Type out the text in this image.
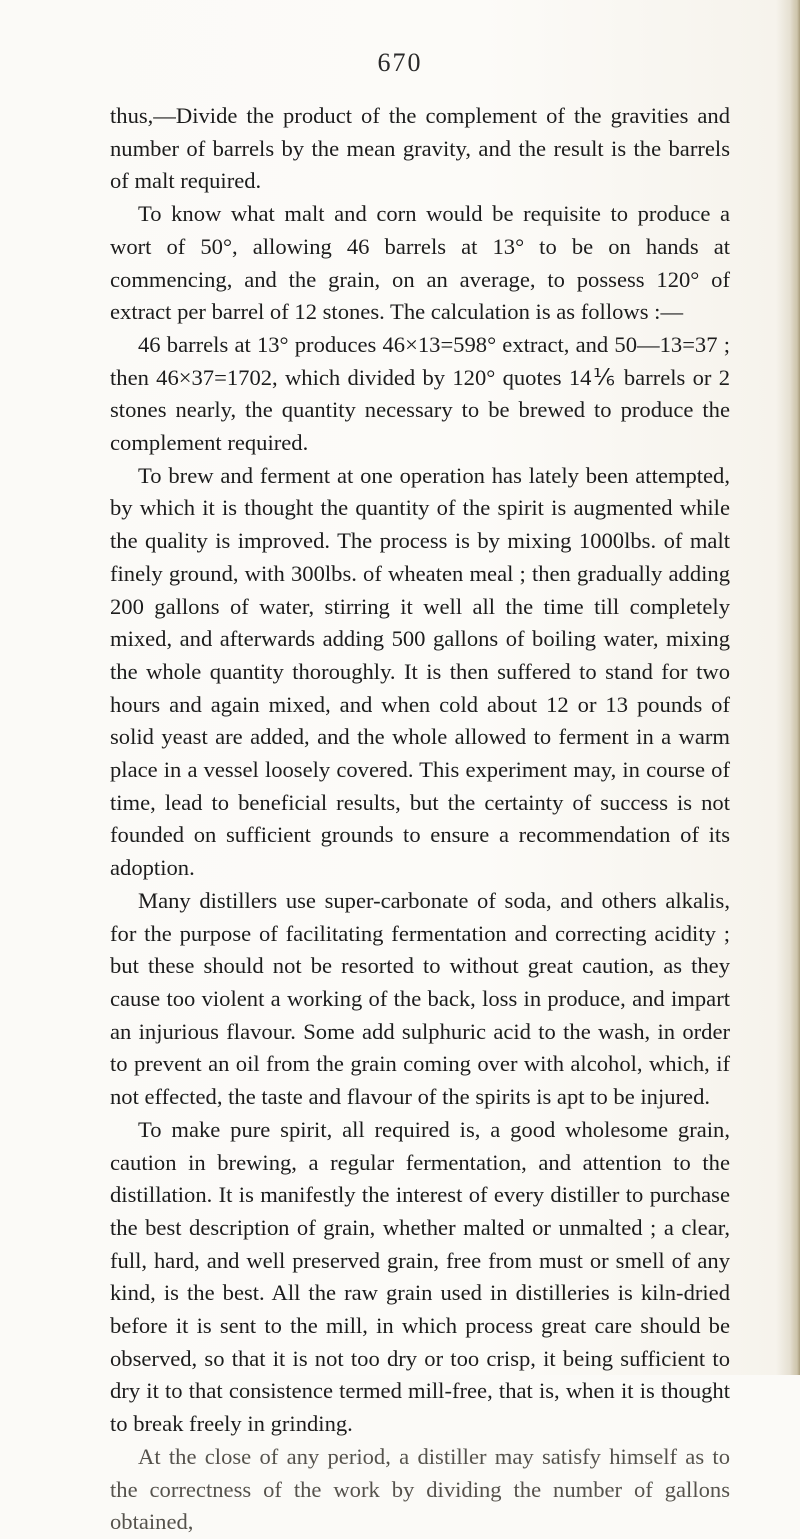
670

thus,—Divide the product of the complement of the gravities and number of barrels by the mean gravity, and the result is the barrels of malt required.

To know what malt and corn would be requisite to produce a wort of 50°, allowing 46 barrels at 13° to be on hands at commencing, and the grain, on an average, to possess 120° of extract per barrel of 12 stones. The calculation is as follows :—

46 barrels at 13° produces 46×13=598° extract, and 50—13=37 ; then 46×37=1702, which divided by 120° quotes 14⅙ barrels or 2 stones nearly, the quantity necessary to be brewed to produce the complement required.

To brew and ferment at one operation has lately been attempted, by which it is thought the quantity of the spirit is augmented while the quality is improved. The process is by mixing 1000lbs. of malt finely ground, with 300lbs. of wheaten meal ; then gradually adding 200 gallons of water, stirring it well all the time till completely mixed, and afterwards adding 500 gallons of boiling water, mixing the whole quantity thoroughly. It is then suffered to stand for two hours and again mixed, and when cold about 12 or 13 pounds of solid yeast are added, and the whole allowed to ferment in a warm place in a vessel loosely covered. This experiment may, in course of time, lead to beneficial results, but the certainty of success is not founded on sufficient grounds to ensure a recommendation of its adoption.

Many distillers use super-carbonate of soda, and others alkalis, for the purpose of facilitating fermentation and correcting acidity ; but these should not be resorted to without great caution, as they cause too violent a working of the back, loss in produce, and impart an injurious flavour. Some add sulphuric acid to the wash, in order to prevent an oil from the grain coming over with alcohol, which, if not effected, the taste and flavour of the spirits is apt to be injured.

To make pure spirit, all required is, a good wholesome grain, caution in brewing, a regular fermentation, and attention to the distillation. It is manifestly the interest of every distiller to purchase the best description of grain, whether malted or unmalted ; a clear, full, hard, and well preserved grain, free from must or smell of any kind, is the best. All the raw grain used in distilleries is kiln-dried before it is sent to the mill, in which process great care should be observed, so that it is not too dry or too crisp, it being sufficient to dry it to that consistence termed mill-free, that is, when it is thought to break freely in grinding.

At the close of any period, a distiller may satisfy himself as to the correctness of the work by dividing the number of gallons obtained,
